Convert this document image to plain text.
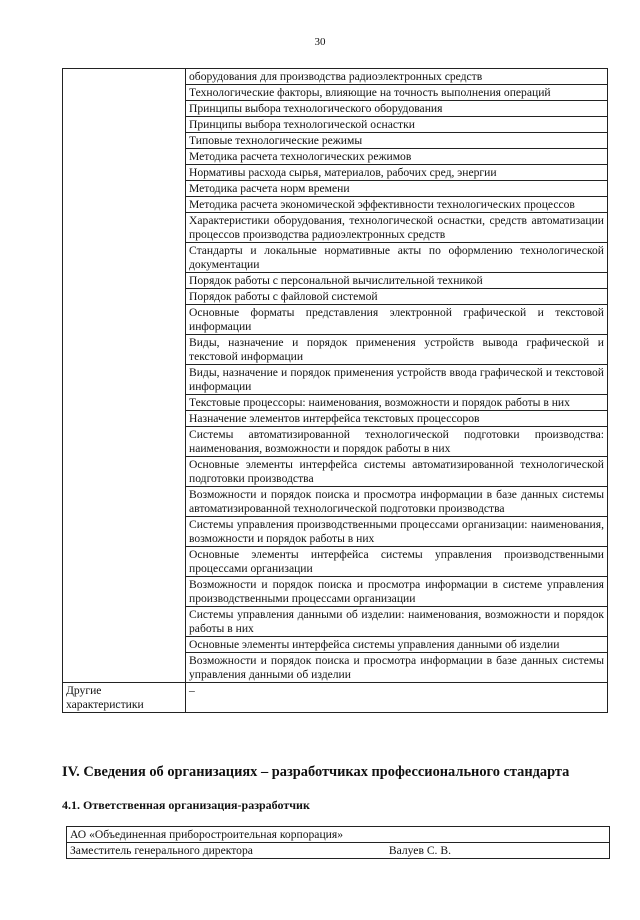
30
	оборудования для производства радиоэлектронных средств
	Технологические факторы, влияющие на точность выполнения операций
	Принципы выбора технологического оборудования
	Принципы выбора технологической оснастки
	Типовые технологические режимы
	Методика расчета технологических режимов
	Нормативы расхода сырья, материалов, рабочих сред, энергии
	Методика расчета норм времени
	Методика расчета экономической эффективности технологических процессов
	Характеристики оборудования, технологической оснастки, средств автоматизации процессов производства радиоэлектронных средств
	Стандарты и локальные нормативные акты по оформлению технологической документации
	Порядок работы с персональной вычислительной техникой
	Порядок работы с файловой системой
	Основные форматы представления электронной графической и текстовой информации
	Виды, назначение и порядок применения устройств вывода графической и текстовой информации
	Виды, назначение и порядок применения устройств ввода графической и текстовой информации
	Текстовые процессоры: наименования, возможности и порядок работы в них
	Назначение элементов интерфейса текстовых процессоров
	Системы автоматизированной технологической подготовки производства: наименования, возможности и порядок работы в них
	Основные элементы интерфейса системы автоматизированной технологической подготовки производства
	Возможности и порядок поиска и просмотра информации в базе данных системы автоматизированной технологической подготовки производства
	Системы управления производственными процессами организации: наименования, возможности и порядок работы в них
	Основные элементы интерфейса системы управления производственными процессами организации
	Возможности и порядок поиска и просмотра информации в системе управления производственными процессами организации
	Системы управления данными об изделии: наименования, возможности и порядок работы в них
	Основные элементы интерфейса системы управления данными об изделии
	Возможности и порядок поиска и просмотра информации в базе данных системы управления данными об изделии
Другие характеристики	–
IV. Сведения об организациях – разработчиках профессионального стандарта
4.1. Ответственная организация-разработчик
АО «Объединенная приборостроительная корпорация»
Заместитель генерального директора	Валуев С. В.
